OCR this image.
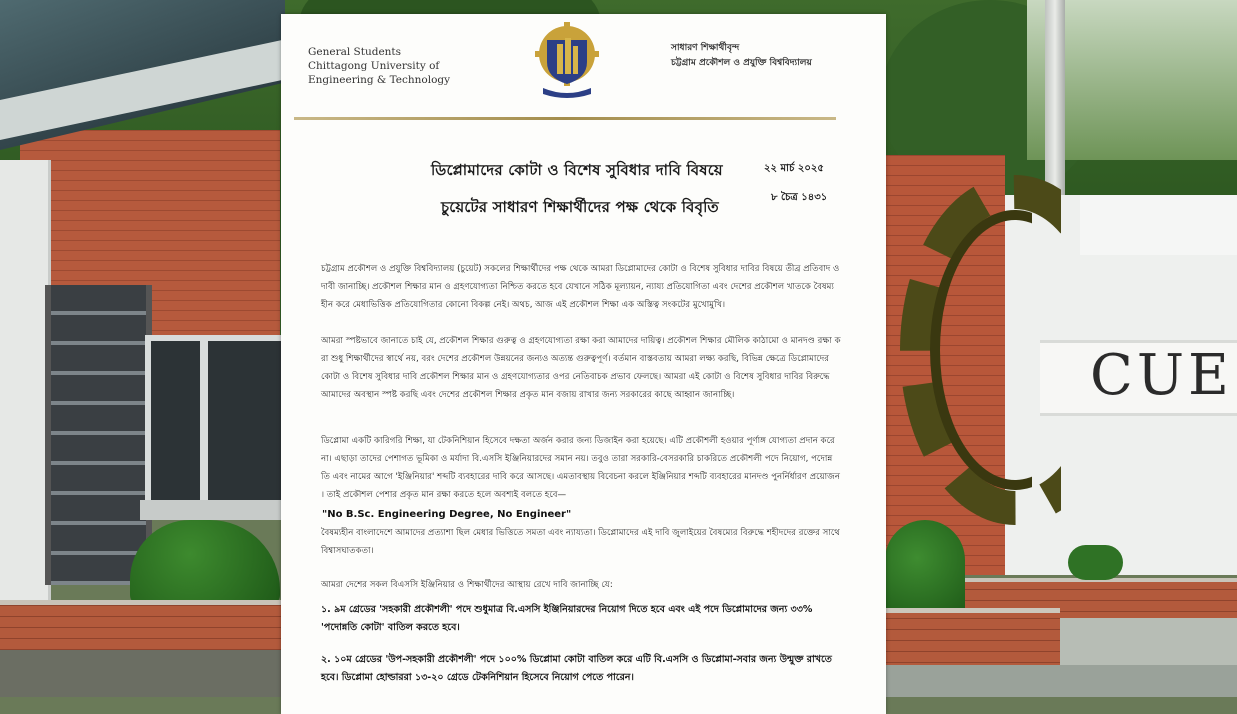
CUE
General Students
Chittagong University of
Engineering & Technology
সাধারণ শিক্ষার্থীবৃন্দ
চট্টগ্রাম প্রকৌশল ও প্রযুক্তি বিশ্ববিদ্যালয়
ডিপ্লোমাদের কোটা ও বিশেষ সুবিধার দাবি বিষয়ে
চুয়েটের সাধারণ শিক্ষার্থীদের পক্ষ থেকে বিবৃতি
২২ মার্চ ২০২৫
৮ চৈত্র ১৪৩১
চট্টগ্রাম প্রকৌশল ও প্রযুক্তি বিশ্ববিদ্যালয় (চুয়েট) সকলের শিক্ষার্থীদের পক্ষ থেকে আমরা ডিপ্লোমাদের কোটা ও বিশেষ সুবিধার দাবির বিষয়ে তীব্র প্রতিবাদ ও দাবী জানাচ্ছি। প্রকৌশল শিক্ষার মান ও গ্রহণযোগ্যতা নিশ্চিত করতে হবে যেখানে সঠিক মূল্যায়ন, ন্যায্য প্রতিযোগিতা এবং দেশের প্রকৌশল খাতকে বৈষম্যহীন করে মেধাভিত্তিক প্রতিযোগিতার কোনো বিকল্প নেই। অথচ, আজ এই প্রকৌশল শিক্ষা এক অস্তিত্ব সংকটের মুখোমুখি।
আমরা স্পষ্টভাবে জানাতে চাই যে, প্রকৌশল শিক্ষার গুরুত্ব ও গ্রহণযোগ্যতা রক্ষা করা আমাদের দায়িত্ব। প্রকৌশল শিক্ষার মৌলিক কাঠামো ও মানদণ্ড রক্ষা করা শুধু শিক্ষার্থীদের স্বার্থে নয়, বরং দেশের প্রকৌশল উন্নয়নের জন্যও অত্যন্ত গুরুত্বপূর্ণ। বর্তমান বাস্তবতায় আমরা লক্ষ্য করছি, বিভিন্ন ক্ষেত্রে ডিপ্লোমাদের কোটা ও বিশেষ সুবিধার দাবি প্রকৌশল শিক্ষার মান ও গ্রহণযোগ্যতার ওপর নেতিবাচক প্রভাব ফেলছে। আমরা এই কোটা ও বিশেষ সুবিধার দাবির বিরুদ্ধে আমাদের অবস্থান স্পষ্ট করছি এবং দেশের প্রকৌশল শিক্ষার প্রকৃত মান বজায় রাখার জন্য সরকারের কাছে আহ্বান জানাচ্ছি।
ডিপ্লোমা একটি কারিগরি শিক্ষা, যা টেকনিশিয়ান হিসেবে দক্ষতা অর্জন করার জন্য ডিজাইন করা হয়েছে। এটি প্রকৌশলী হওয়ার পূর্ণাঙ্গ যোগ্যতা প্রদান করে না। এছাড়া তাদের পেশাগত ভূমিকা ও মর্যাদা বি.এসসি ইঞ্জিনিয়ারদের সমান নয়। তবুও তারা সরকারি-বেসরকারি চাকরিতে প্রকৌশলী পদে নিয়োগ, পদোন্নতি এবং নামের আগে 'ইঞ্জিনিয়ার' শব্দটি ব্যবহারের দাবি করে আসছে। এমতাবস্থায় বিবেচনা করলে ইঞ্জিনিয়ার শব্দটি ব্যবহারের মানদণ্ড পুনর্নির্ধারণ প্রয়োজন। তাই প্রকৌশল পেশার প্রকৃত মান রক্ষা করতে হলে অবশ্যই বলতে হবে—
"No B.Sc. Engineering Degree, No Engineer"
বৈষম্যহীন বাংলাদেশে আমাদের প্রত্যাশা ছিল মেধার ভিত্তিতে সমতা এবং ন্যায্যতা। ডিপ্লোমাদের এই দাবি জুলাইয়ের বৈষম্যের বিরুদ্ধে শহীদদের রক্তের সাথে বিশ্বাসঘাতকতা।
আমরা দেশের সকল বিএসসি ইঞ্জিনিয়ার ও শিক্ষার্থীদের আস্থায় রেখে দাবি জানাচ্ছি যে:
১. ৯ম গ্রেডের 'সহকারী প্রকৌশলী' পদে শুধুমাত্র বি.এসসি ইঞ্জিনিয়ারদের নিয়োগ দিতে হবে এবং এই পদে ডিপ্লোমাদের জন্য ৩৩% 'পদোন্নতি কোটা' বাতিল করতে হবে।
২. ১০ম গ্রেডের 'উপ-সহকারী প্রকৌশলী' পদে ১০০% ডিপ্লোমা কোটা বাতিল করে এটি বি.এসসি ও ডিপ্লোমা-সবার জন্য উন্মুক্ত রাখতে হবে। ডিপ্লোমা হোল্ডাররা ১৩-২০ গ্রেডে টেকনিশিয়ান হিসেবে নিয়োগ পেতে পারেন।
